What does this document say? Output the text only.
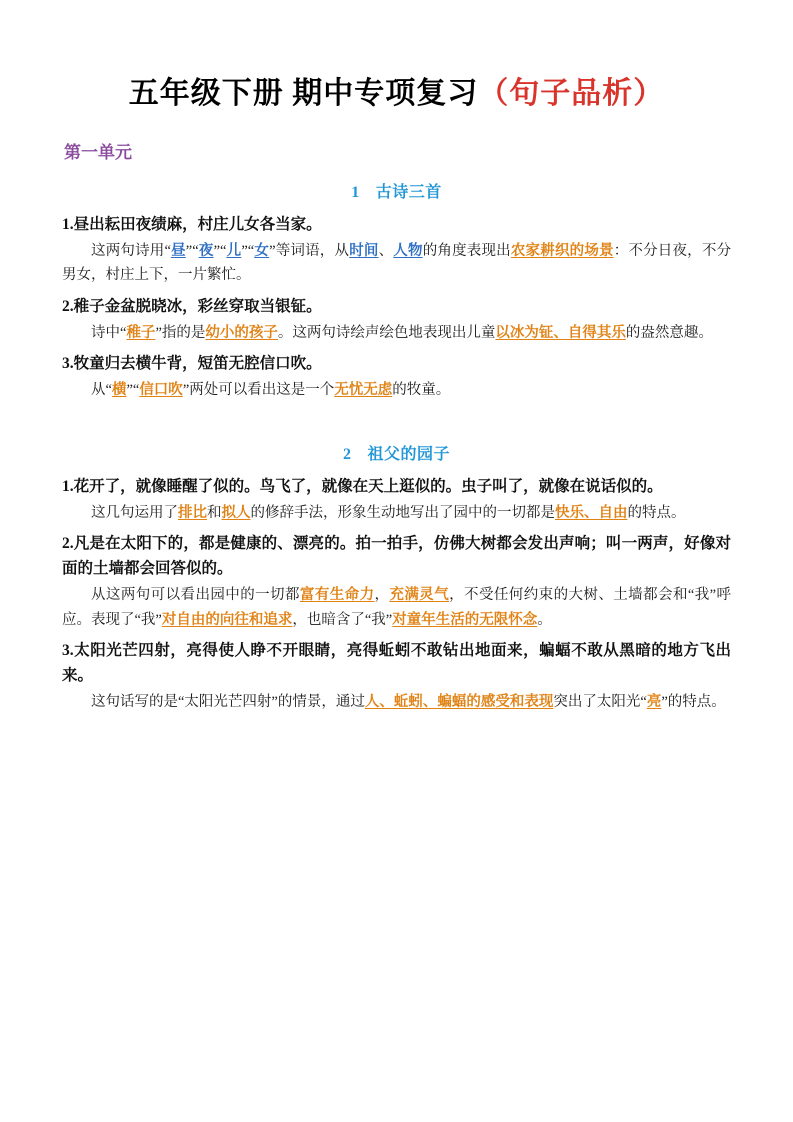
五年级下册 期中专项复习（句子品析）
第一单元
1 古诗三首

1.昼出耘田夜绩麻，村庄儿女各当家。

这两句诗用“昼”“夜”“儿”“女”等词语，从时间、人物的角度表现出农家耕织的场景：不分日夜，不分男女，村庄上下，一片繁忙。

2.稚子金盆脱晓冰，彩丝穿取当银钲。

诗中“稚子”指的是幼小的孩子。这两句诗绘声绘色地表现出儿童以冰为钲、自得其乐的盎然意趣。

3.牧童归去横牛背，短笛无腔信口吹。

从“横”“信口吹”两处可以看出这是一个无忧无虑的牧童。

2 祖父的园子

1.花开了，就像睡醒了似的。鸟飞了，就像在天上逛似的。虫子叫了，就像在说话似的。

这几句运用了排比和拟人的修辞手法，形象生动地写出了园中的一切都是快乐、自由的特点。

2.凡是在太阳下的，都是健康的、漂亮的。拍一拍手，仿佛大树都会发出声响；叫一两声，好像对面的土墙都会回答似的。

从这两句可以看出园中的一切都富有生命力，充满灵气，不受任何约束的大树、土墙都会和“我”呼应。表现了“我”对自由的向往和追求，也暗含了“我”对童年生活的无限怀念。

3.太阳光芒四射，亮得使人睁不开眼睛，亮得蚯蚓不敢钻出地面来，蝙蝠不敢从黑暗的地方飞出来。

这句话写的是“太阳光芒四射”的情景，通过人、蚯蚓、蝙蝠的感受和表现突出了太阳光“亮”的特点。
